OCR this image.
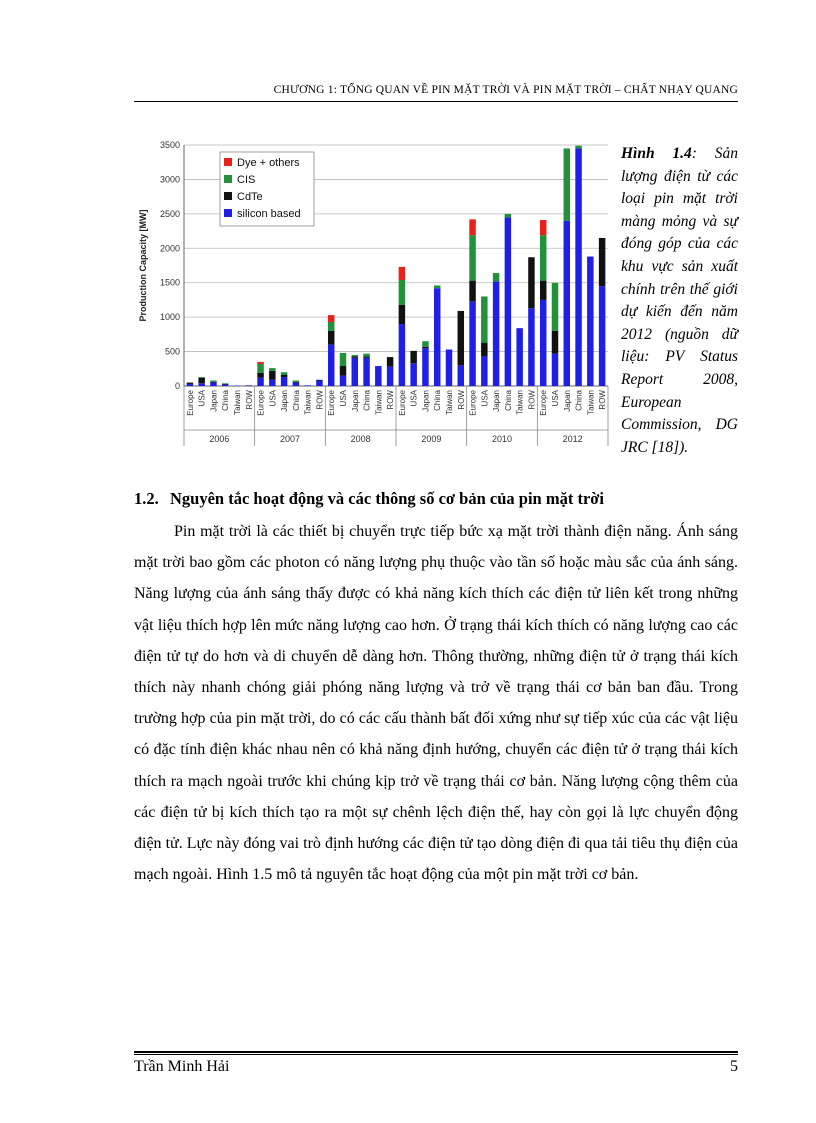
CHƯƠNG 1: TỔNG QUAN VỀ PIN MẶT TRỜI VÀ PIN MẶT TRỜI – CHẤT NHẠY QUANG
0
500
1000
1500
2000
2500
3000
3500
Production Capacity [MW]
Europe USA Japan China Taiwan ROW
2006
Europe USA Japan China Taiwan ROW
2007
Europe USA Japan China Taiwan ROW
2008
Europe USA Japan China Taiwan ROW
2009
Europe USA Japan China Taiwan ROW
2010
Europe USA Japan China Taiwan ROW
2012
Dye + others
CIS
CdTe
silicon based
Hình 1.4: Sản lượng điện từ các loại pin mặt trời màng mỏng và sự đóng góp của các khu vực sản xuất chính trên thế giới dự kiến đến năm 2012 (nguồn dữ liệu: PV Status Report 2008, European Commission, DG JRC [18]).
1.2. Nguyên tắc hoạt động và các thông số cơ bản của pin mặt trời

Pin mặt trời là các thiết bị chuyển trực tiếp bức xạ mặt trời thành điện năng. Ánh sáng mặt trời bao gồm các photon có năng lượng phụ thuộc vào tần số hoặc màu sắc của ánh sáng. Năng lượng của ánh sáng thấy được có khả năng kích thích các điện tử liên kết trong những vật liệu thích hợp lên mức năng lượng cao hơn. Ở trạng thái kích thích có năng lượng cao các điện tử tự do hơn và di chuyển dễ dàng hơn. Thông thường, những điện tử ở trạng thái kích thích này nhanh chóng giải phóng năng lượng và trở về trạng thái cơ bản ban đầu. Trong trường hợp của pin mặt trời, do có các cấu thành bất đối xứng như sự tiếp xúc của các vật liệu có đặc tính điện khác nhau nên có khả năng định hướng, chuyển các điện tử ở trạng thái kích thích ra mạch ngoài trước khi chúng kịp trở về trạng thái cơ bản. Năng lượng cộng thêm của các điện tử bị kích thích tạo ra một sự chênh lệch điện thế, hay còn gọi là lực chuyển động điện tử. Lực này đóng vai trò định hướng các điện tử tạo dòng điện đi qua tải tiêu thụ điện của mạch ngoài. Hình 1.5 mô tả nguyên tắc hoạt động của một pin mặt trời cơ bản.

Trần Minh Hải	5
